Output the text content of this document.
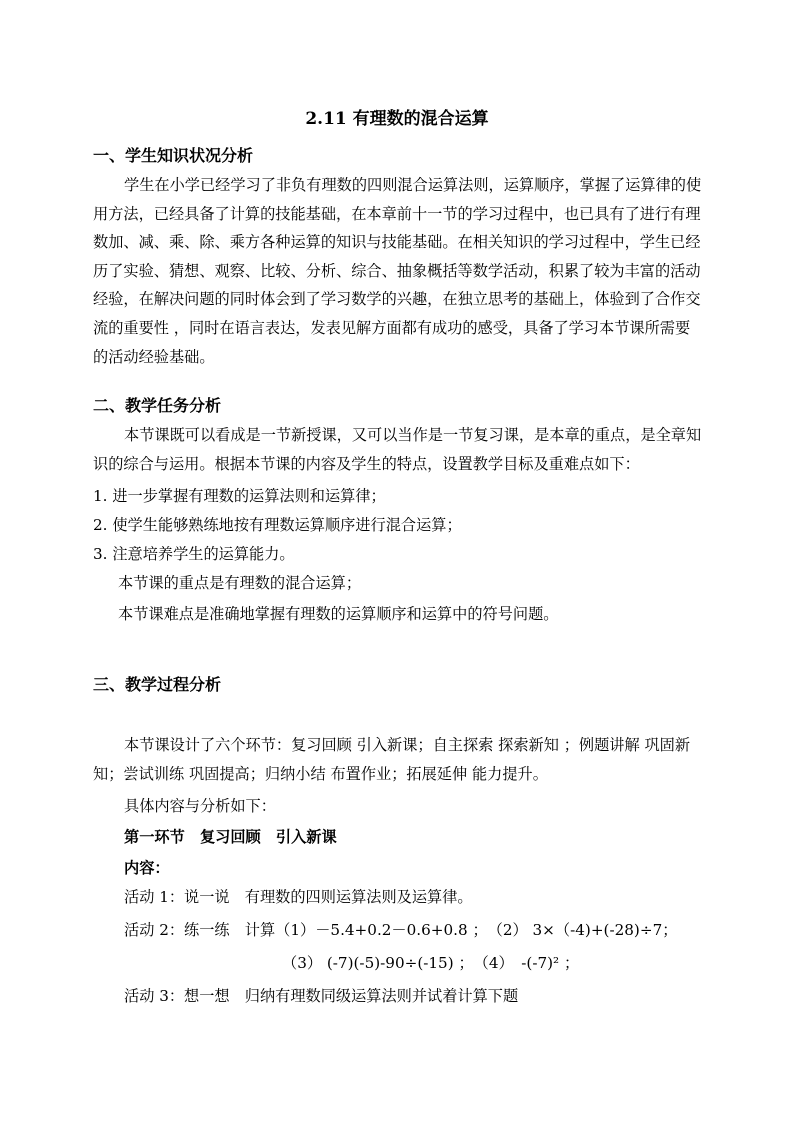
2.11 有理数的混合运算
一、学生知识状况分析

学生在小学已经学习了非负有理数的四则混合运算法则，运算顺序，掌握了运算律的使用方法，已经具备了计算的技能基础，在本章前十一节的学习过程中，也已具有了进行有理数加、减、乘、除、乘方各种运算的知识与技能基础。在相关知识的学习过程中，学生已经历了实验、猜想、观察、比较、分析、综合、抽象概括等数学活动，积累了较为丰富的活动经验，在解决问题的同时体会到了学习数学的兴趣，在独立思考的基础上，体验到了合作交流的重要性 ，同时在语言表达，发表见解方面都有成功的感受，具备了学习本节课所需要的活动经验基础。

二、教学任务分析

本节课既可以看成是一节新授课，又可以当作是一节复习课，是本章的重点，是全章知识的综合与运用。根据本节课的内容及学生的特点，设置教学目标及重难点如下：

1. 进一步掌握有理数的运算法则和运算律；
2. 使学生能够熟练地按有理数运算顺序进行混合运算；
3. 注意培养学生的运算能力。
本节课的重点是有理数的混合运算；
本节课难点是准确地掌握有理数的运算顺序和运算中的符号问题。
三、教学过程分析

本节课设计了六个环节：复习回顾 引入新课；自主探索 探索新知 ；例题讲解 巩固新知；尝试训练 巩固提高；归纳小结 布置作业；拓展延伸 能力提升。

具体内容与分析如下：
第一环节　复习回顾　引入新课
内容：
活动 1：说一说　有理数的四则运算法则及运算律。
活动 2：练一练　计算（1）－5.4+0.2－0.6+0.8 ；　（2） 3×（-4)+(-28)÷7；
（3） (-7)(-5)-90÷(-15) ；　（4）　-(-7)² ；
活动 3：想一想　归纳有理数同级运算法则并试着计算下题
